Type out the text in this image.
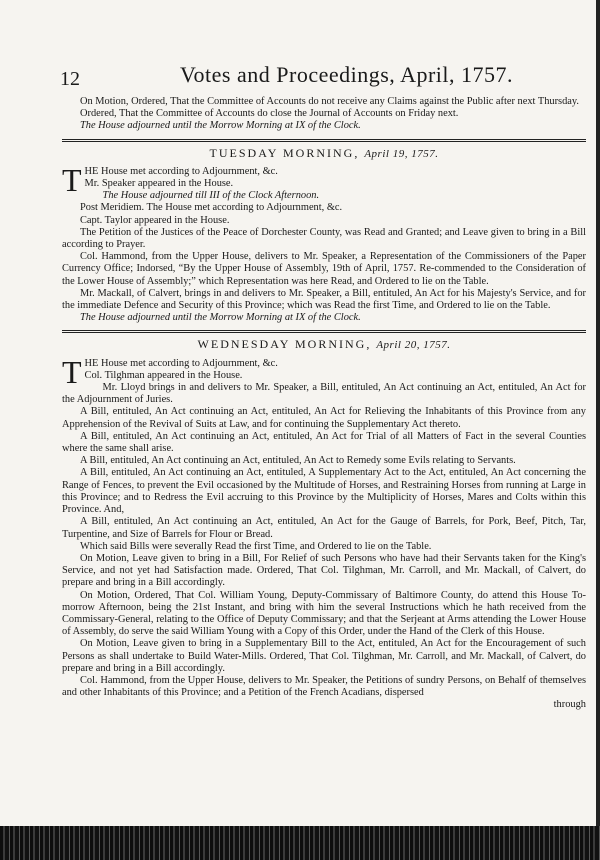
12	Votes and Proceedings, April, 1757.

On Motion, Ordered, That the Committee of Accounts do not receive any Claims against the Public after next Thursday.

Ordered, That the Committee of Accounts do close the Journal of Accounts on Friday next.

The House adjourned until the Morrow Morning at IX of the Clock.

TUESDAY MORNING, April 19, 1757.
T HE House met according to Adjournment, &c.

Mr. Speaker appeared in the House.

The House adjourned till III of the Clock Afternoon.

Post Meridiem. The House met according to Adjournment, &c.

Capt. Taylor appeared in the House.

The Petition of the Justices of the Peace of Dorchester County, was Read and Granted; and Leave given to bring in a Bill according to Prayer.

Col. Hammond, from the Upper House, delivers to Mr. Speaker, a Representation of the Commissioners of the Paper Currency Office; Indorsed, “By the Upper House of Assembly, 19th of April, 1757. Re-commended to the Consideration of the Lower House of Assembly;” which Representation was here Read, and Ordered to lie on the Table.

Mr. Mackall, of Calvert, brings in and delivers to Mr. Speaker, a Bill, entituled, An Act for his Majesty's Service, and for the immediate Defence and Security of this Province; which was Read the first Time, and Ordered to lie on the Table.

The House adjourned until the Morrow Morning at IX of the Clock.

WEDNESDAY MORNING, April 20, 1757.
T HE House met according to Adjournment, &c.

Col. Tilghman appeared in the House.

Mr. Lloyd brings in and delivers to Mr. Speaker, a Bill, entituled, An Act continuing an Act, entituled, An Act for the Adjournment of Juries.

A Bill, entituled, An Act continuing an Act, entituled, An Act for Relieving the Inhabitants of this Province from any Apprehension of the Revival of Suits at Law, and for continuing the Supplementary Act thereto.

A Bill, entituled, An Act continuing an Act, entituled, An Act for Trial of all Matters of Fact in the several Counties where the same shall arise.

A Bill, entituled, An Act continuing an Act, entituled, An Act to Remedy some Evils relating to Servants.

A Bill, entituled, An Act continuing an Act, entituled, A Supplementary Act to the Act, entituled, An Act concerning the Range of Fences, to prevent the Evil occasioned by the Multitude of Horses, and Restraining Horses from running at Large in this Province; and to Redress the Evil accruing to this Province by the Multiplicity of Horses, Mares and Colts within this Province. And,

A Bill, entituled, An Act continuing an Act, entituled, An Act for the Gauge of Barrels, for Pork, Beef, Pitch, Tar, Turpentine, and Size of Barrels for Flour or Bread.

Which said Bills were severally Read the first Time, and Ordered to lie on the Table.

On Motion, Leave given to bring in a Bill, For Relief of such Persons who have had their Servants taken for the King's Service, and not yet had Satisfaction made. Ordered, That Col. Tilghman, Mr. Carroll, and Mr. Mackall, of Calvert, do prepare and bring in a Bill accordingly.

On Motion, Ordered, That Col. William Young, Deputy-Commissary of Baltimore County, do attend this House To-morrow Afternoon, being the 21st Instant, and bring with him the several Instructions which he hath received from the Commissary-General, relating to the Office of Deputy Commissary; and that the Serjeant at Arms attending the Lower House of Assembly, do serve the said William Young with a Copy of this Order, under the Hand of the Clerk of this House.

On Motion, Leave given to bring in a Supplementary Bill to the Act, entituled, An Act for the Encouragement of such Persons as shall undertake to Build Water-Mills. Ordered, That Col. Tilghman, Mr. Carroll, and Mr. Mackall, of Calvert, do prepare and bring in a Bill accordingly.

Col. Hammond, from the Upper House, delivers to Mr. Speaker, the Petitions of sundry Persons, on Behalf of themselves and other Inhabitants of this Province; and a Petition of the French Acadians, dispersed

through
